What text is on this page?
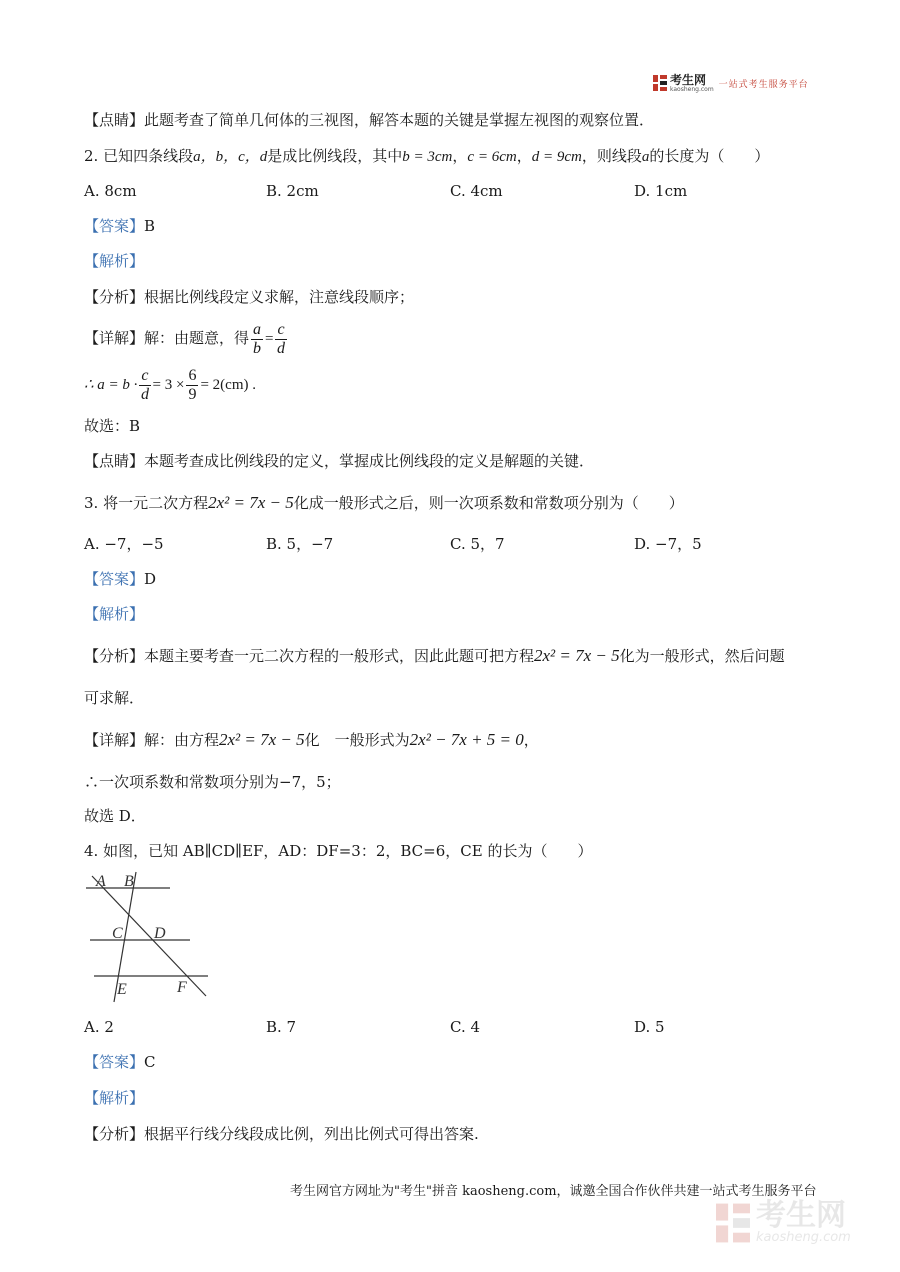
考生网
kaosheng.com 一站式考生服务平台
【点睛】此题考查了简单几何体的三视图，解答本题的关键是掌握左视图的观察位置．
2. 已知四条线段a，b，c，d是成比例线段，其中b = 3cm，c = 6cm，d = 9cm，则线段a的长度为（　　）
A. 8cm	B. 2cm	C. 4cm	D. 1cm
【答案】B
【解析】
【分析】根据比例线段定义求解，注意线段顺序；
【详解】解：由题意，得 $\frac{a}{b} = \frac{c}{d}$
∴ $a = b \cdot \frac{c}{d} = 3 \times \frac{6}{9} = 2(cm)$ .
故选：B
【点睛】本题考查成比例线段的定义，掌握成比例线段的定义是解题的关键．
3. 将一元二次方程2x² = 7x − 5化成一般形式之后，则一次项系数和常数项分别为（　　）
A. −7，−5	B. 5，−7	C. 5，7	D. −7，5
【答案】D
【解析】
【分析】本题主要考查一元二次方程的一般形式，因此此题可把方程2x² = 7x − 5化为一般形式，然后问题
可求解．
【详解】解：由方程2x² = 7x − 5化　一般形式为2x² − 7x + 5 = 0，
∴一次项系数和常数项分别为−7，5；
故选 D．
4. 如图，已知 AB∥CD∥EF，AD：DF=3：2，BC=6，CE 的长为（　　）
A B
C D
E	F
A. 2	B. 7	C. 4	D. 5
【答案】C
【解析】
【分析】根据平行线分线段成比例，列出比例式可得出答案.
考生网官方网址为"考生"拼音 kaosheng.com，诚邀全国合作伙伴共建一站式考生服务平台
考生网
kaosheng.com
